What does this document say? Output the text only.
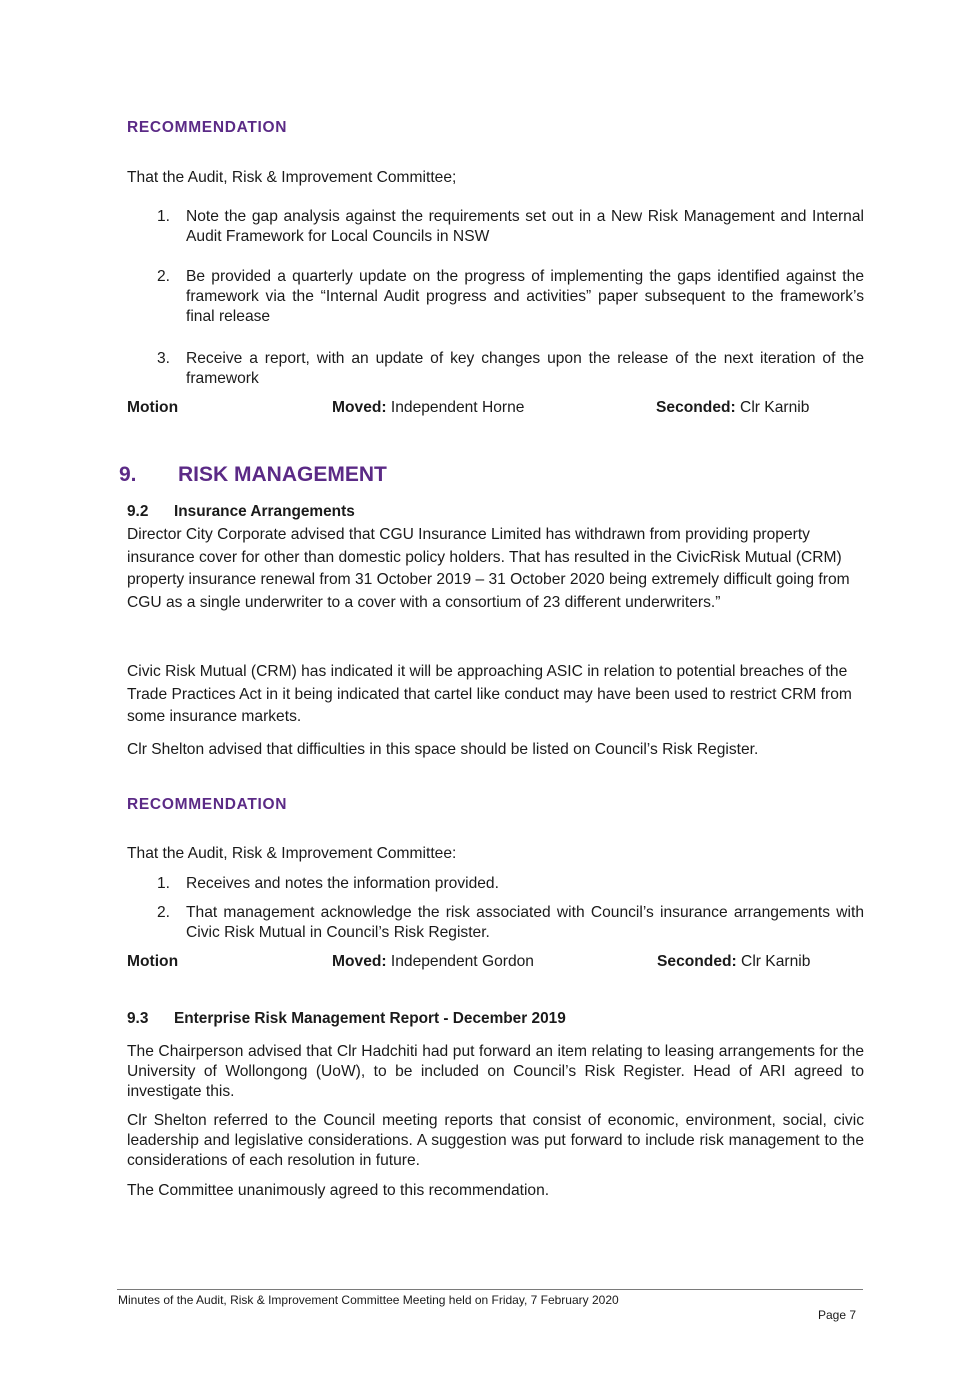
RECOMMENDATION
That the Audit, Risk & Improvement Committee;
1. Note the gap analysis against the requirements set out in a New Risk Management and Internal Audit Framework for Local Councils in NSW
2. Be provided a quarterly update on the progress of implementing the gaps identified against the framework via the “Internal Audit progress and activities” paper subsequent to the framework’s final release
3. Receive a report, with an update of key changes upon the release of the next iteration of the framework
Motion	Moved: Independent Horne	Seconded: Clr Karnib
9. RISK MANAGEMENT
9.2 Insurance Arrangements
Director City Corporate advised that CGU Insurance Limited has withdrawn from providing property insurance cover for other than domestic policy holders. That has resulted in the CivicRisk Mutual (CRM) property insurance renewal from 31 October 2019 – 31 October 2020 being extremely difficult going from CGU as a single underwriter to a cover with a consortium of 23 different underwriters.”
Civic Risk Mutual (CRM) has indicated it will be approaching ASIC in relation to potential breaches of the Trade Practices Act in it being indicated that cartel like conduct may have been used to restrict CRM from some insurance markets.
Clr Shelton advised that difficulties in this space should be listed on Council’s Risk Register.
RECOMMENDATION
That the Audit, Risk & Improvement Committee:
1. Receives and notes the information provided.
2. That management acknowledge the risk associated with Council’s insurance arrangements with Civic Risk Mutual in Council’s Risk Register.
Motion	Moved: Independent Gordon	Seconded: Clr Karnib
9.3 Enterprise Risk Management Report - December 2019
The Chairperson advised that Clr Hadchiti had put forward an item relating to leasing arrangements for the University of Wollongong (UoW), to be included on Council’s Risk Register. Head of ARI agreed to investigate this.
Clr Shelton referred to the Council meeting reports that consist of economic, environment, social, civic leadership and legislative considerations. A suggestion was put forward to include risk management to the considerations of each resolution in future.
The Committee unanimously agreed to this recommendation.
Minutes of the Audit, Risk & Improvement Committee Meeting held on Friday, 7 February 2020
Page 7
